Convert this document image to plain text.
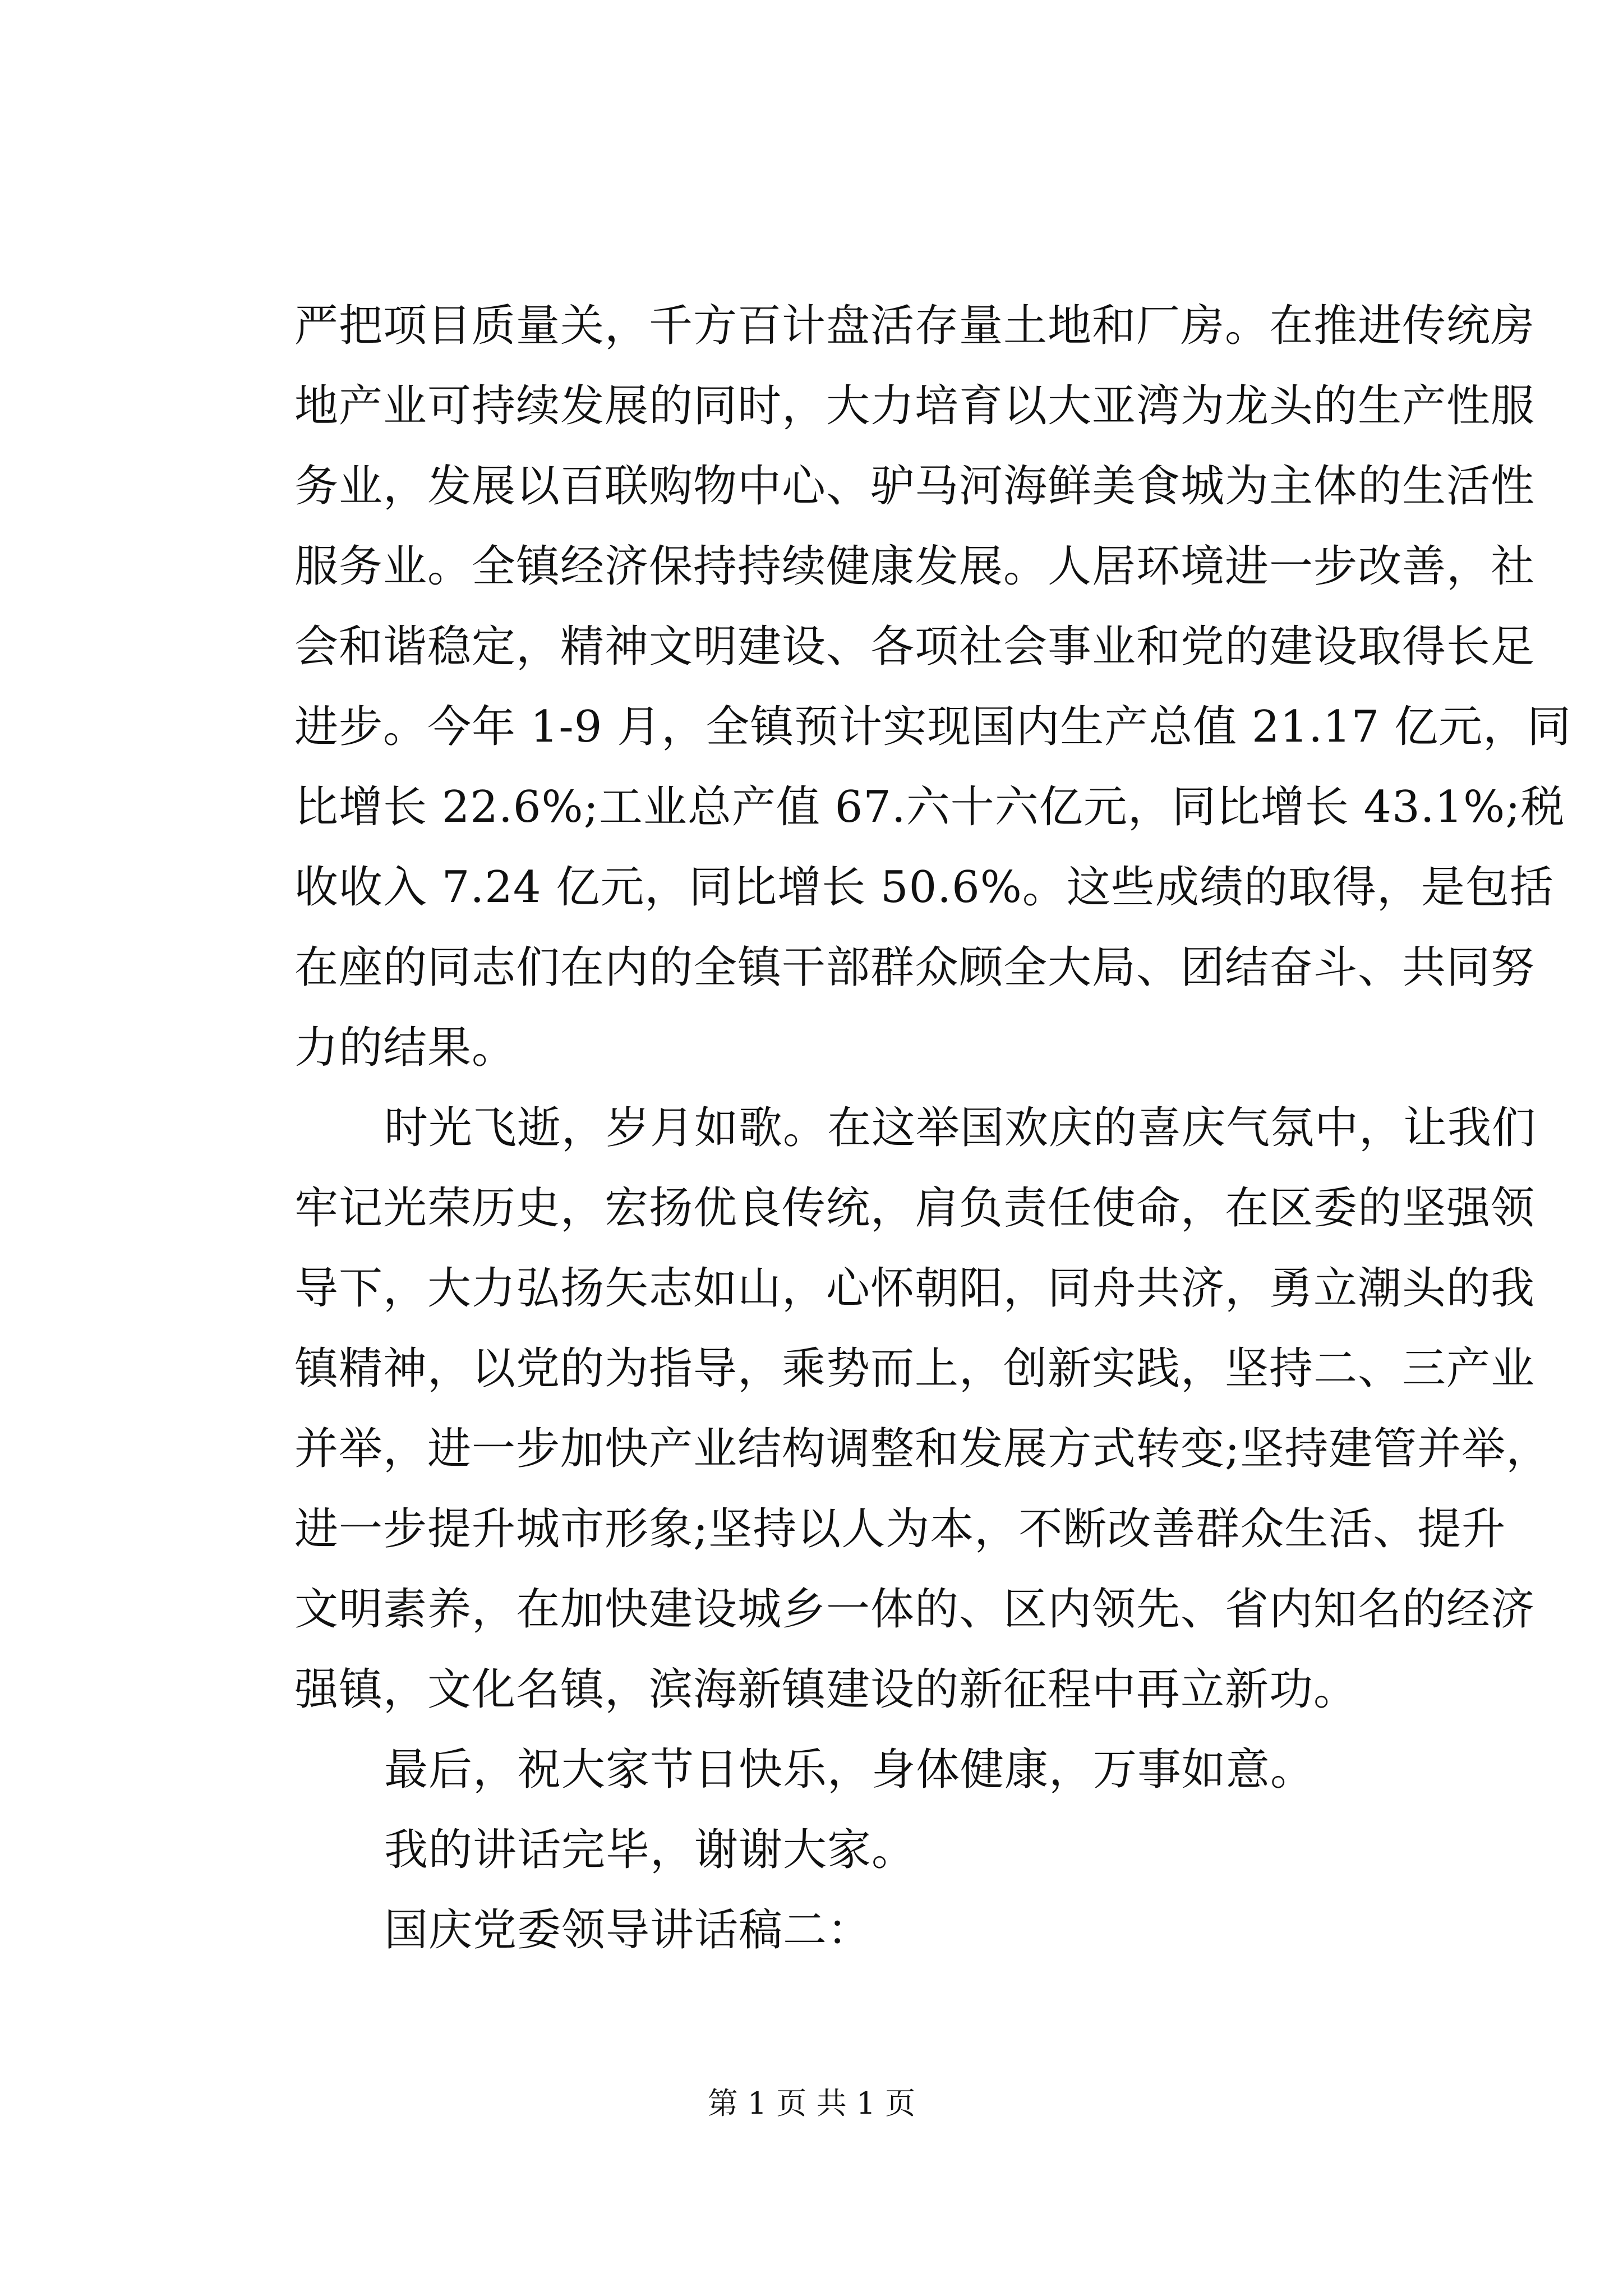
严把项目质量关，千方百计盘活存量土地和厂房。在推进传统房
地产业可持续发展的同时，大力培育以大亚湾为龙头的生产性服
务业，发展以百联购物中心、驴马河海鲜美食城为主体的生活性
服务业。全镇经济保持持续健康发展。人居环境进一步改善，社
会和谐稳定，精神文明建设、各项社会事业和党的建设取得长足
进步。今年 1-9 月，全镇预计实现国内生产总值 21.17 亿元，同
比增长 22.6%;工业总产值 67.六十六亿元，同比增长 43.1%;税
收收入 7.24 亿元，同比增长 50.6%。这些成绩的取得，是包括
在座的同志们在内的全镇干部群众顾全大局、团结奋斗、共同努
力的结果。
时光飞逝，岁月如歌。在这举国欢庆的喜庆气氛中，让我们
牢记光荣历史，宏扬优良传统，肩负责任使命，在区委的坚强领
导下，大力弘扬矢志如山，心怀朝阳，同舟共济，勇立潮头的我
镇精神，以党的为指导，乘势而上，创新实践，坚持二、三产业
并举，进一步加快产业结构调整和发展方式转变;坚持建管并举，
进一步提升城市形象;坚持以人为本，不断改善群众生活、提升
文明素养，在加快建设城乡一体的、区内领先、省内知名的经济
强镇，文化名镇，滨海新镇建设的新征程中再立新功。
最后，祝大家节日快乐，身体健康，万事如意。
我的讲话完毕，谢谢大家。
国庆党委领导讲话稿二：
第 1 页 共 1 页
